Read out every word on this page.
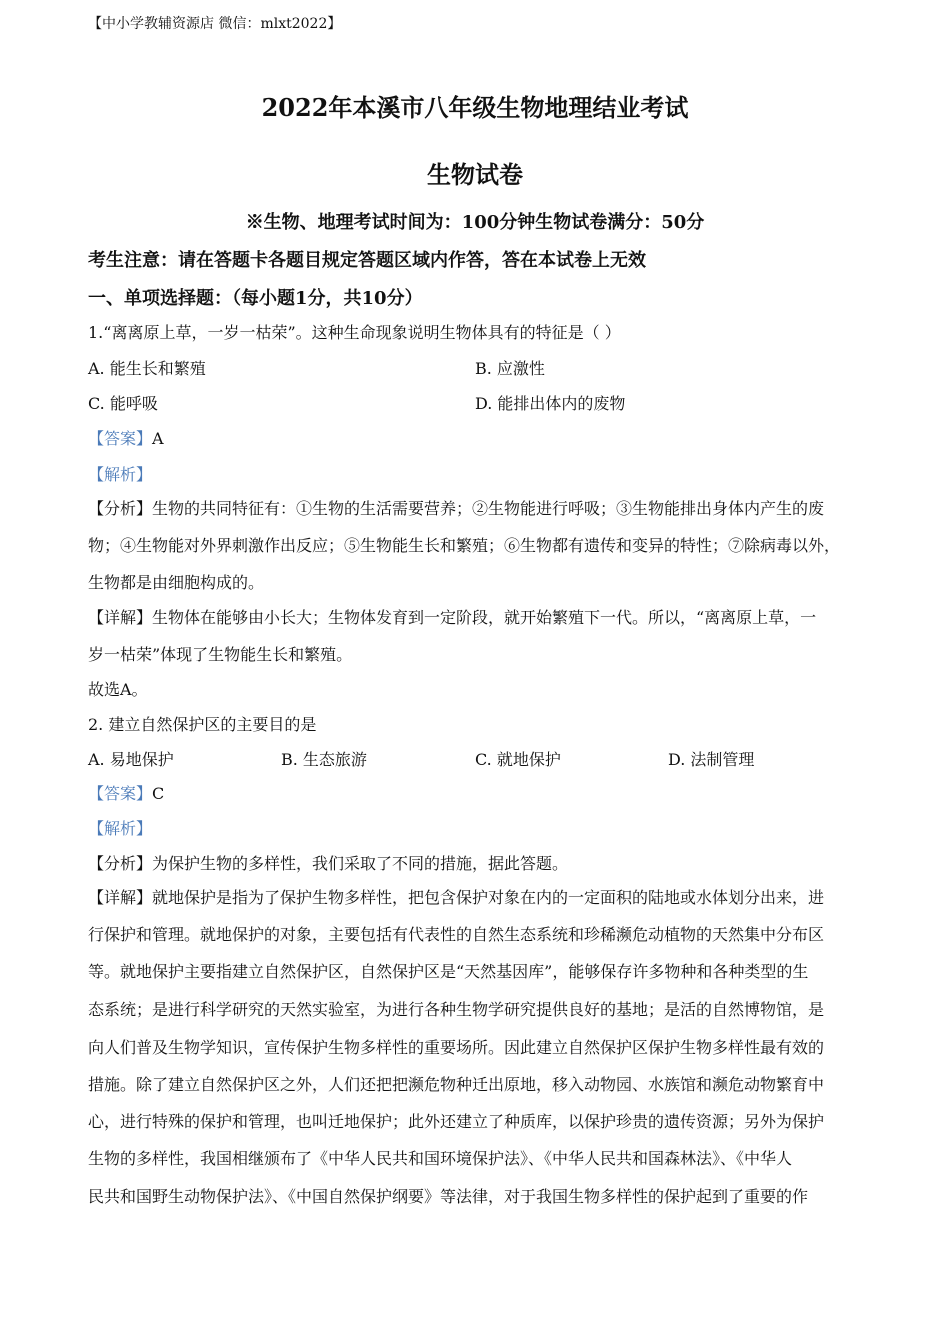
【中小学教辅资源店 微信：mlxt2022】
2022年本溪市八年级生物地理结业考试
生物试卷
※生物、地理考试时间为：100分钟生物试卷满分：50分
考生注意：请在答题卡各题目规定答题区域内作答，答在本试卷上无效
一、单项选择题：（每小题1分，共10分）
1.“离离原上草，一岁一枯荣”。这种生命现象说明生物体具有的特征是（ ）
A. 能生长和繁殖	B. 应激性
C. 能呼吸	D. 能排出体内的废物
【答案】A
【解析】
【分析】生物的共同特征有：①生物的生活需要营养；②生物能进行呼吸；③生物能排出身体内产生的废
物；④生物能对外界刺激作出反应；⑤生物能生长和繁殖；⑥生物都有遗传和变异的特性；⑦除病毒以外，
生物都是由细胞构成的。
【详解】生物体在能够由小长大；生物体发育到一定阶段，就开始繁殖下一代。所以，“离离原上草，一
岁一枯荣”体现了生物能生长和繁殖。
故选A。
2. 建立自然保护区的主要目的是
A. 易地保护	B. 生态旅游	C. 就地保护	D. 法制管理
【答案】C
【解析】
【分析】为保护生物的多样性，我们采取了不同的措施，据此答题。
【详解】就地保护是指为了保护生物多样性，把包含保护对象在内的一定面积的陆地或水体划分出来，进
行保护和管理。就地保护的对象，主要包括有代表性的自然生态系统和珍稀濒危动植物的天然集中分布区
等。就地保护主要指建立自然保护区，自然保护区是“天然基因库”，能够保存许多物种和各种类型的生
态系统；是进行科学研究的天然实验室，为进行各种生物学研究提供良好的基地；是活的自然博物馆，是
向人们普及生物学知识，宣传保护生物多样性的重要场所。因此建立自然保护区保护生物多样性最有效的
措施。除了建立自然保护区之外，人们还把把濒危物种迁出原地，移入动物园、水族馆和濒危动物繁育中
心，进行特殊的保护和管理，也叫迁地保护；此外还建立了种质库，以保护珍贵的遗传资源；另外为保护
生物的多样性，我国相继颁布了《中华人民共和国环境保护法》、《中华人民共和国森林法》、《中华人
民共和国野生动物保护法》、《中国自然保护纲要》等法律，对于我国生物多样性的保护起到了重要的作
